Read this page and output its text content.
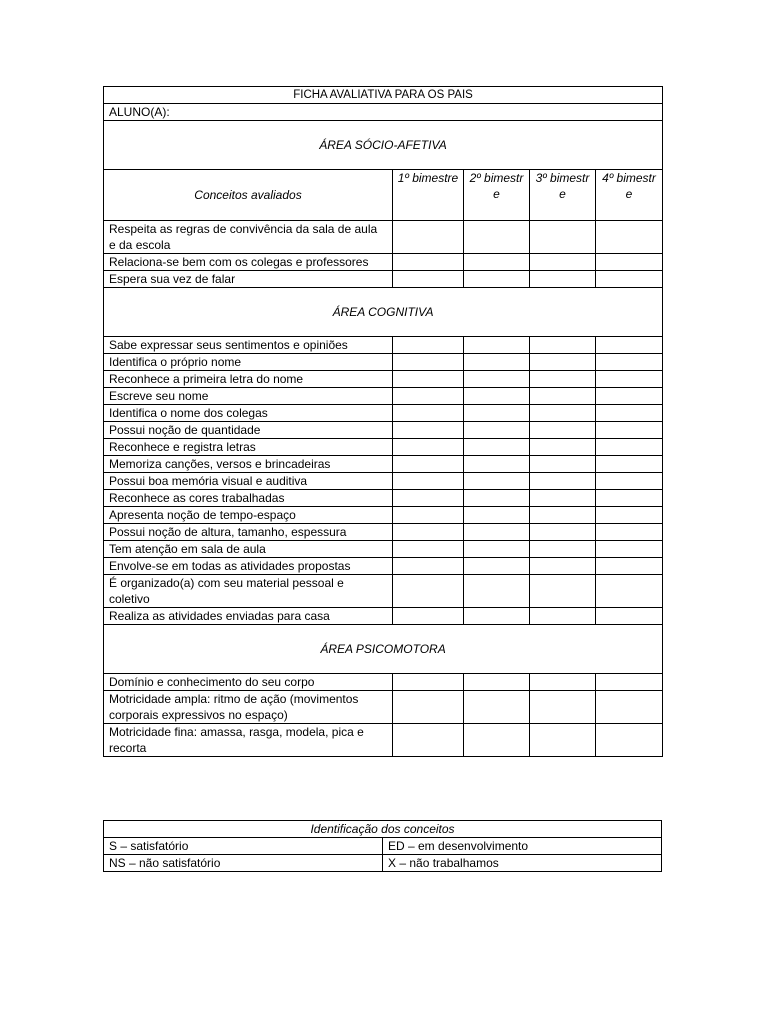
FICHA AVALIATIVA PARA OS PAIS				
ALUNO(A):				
ÁREA SÓCIO-AFETIVA				
Conceitos avaliados	1º bimestre	2º bimestre	3º bimestre	4º bimestre
Respeita as regras de convivência da sala de aula e da escola				
Relaciona-se bem com os colegas e professores				
Espera sua vez de falar				
ÁREA COGNITIVA				
Sabe expressar seus sentimentos e opiniões				
Identifica o próprio nome				
Reconhece a primeira letra do nome				
Escreve seu nome				
Identifica o nome dos colegas				
Possui noção de quantidade				
Reconhece e registra letras				
Memoriza canções, versos e brincadeiras				
Possui boa memória visual e auditiva				
Reconhece as cores trabalhadas				
Apresenta noção de tempo-espaço				
Possui noção de altura, tamanho, espessura				
Tem atenção em sala de aula				
Envolve-se em todas as atividades propostas				
É organizado(a) com seu material pessoal e coletivo				
Realiza as atividades enviadas para casa				
ÁREA PSICOMOTORA				
Domínio e conhecimento do seu corpo				
Motricidade ampla: ritmo de ação (movimentos corporais expressivos no espaço)				
Motricidade fina: amassa, rasga, modela, pica e recorta				
Identificação dos conceitos	
S – satisfatório	ED – em desenvolvimento
NS – não satisfatório	X – não trabalhamos
